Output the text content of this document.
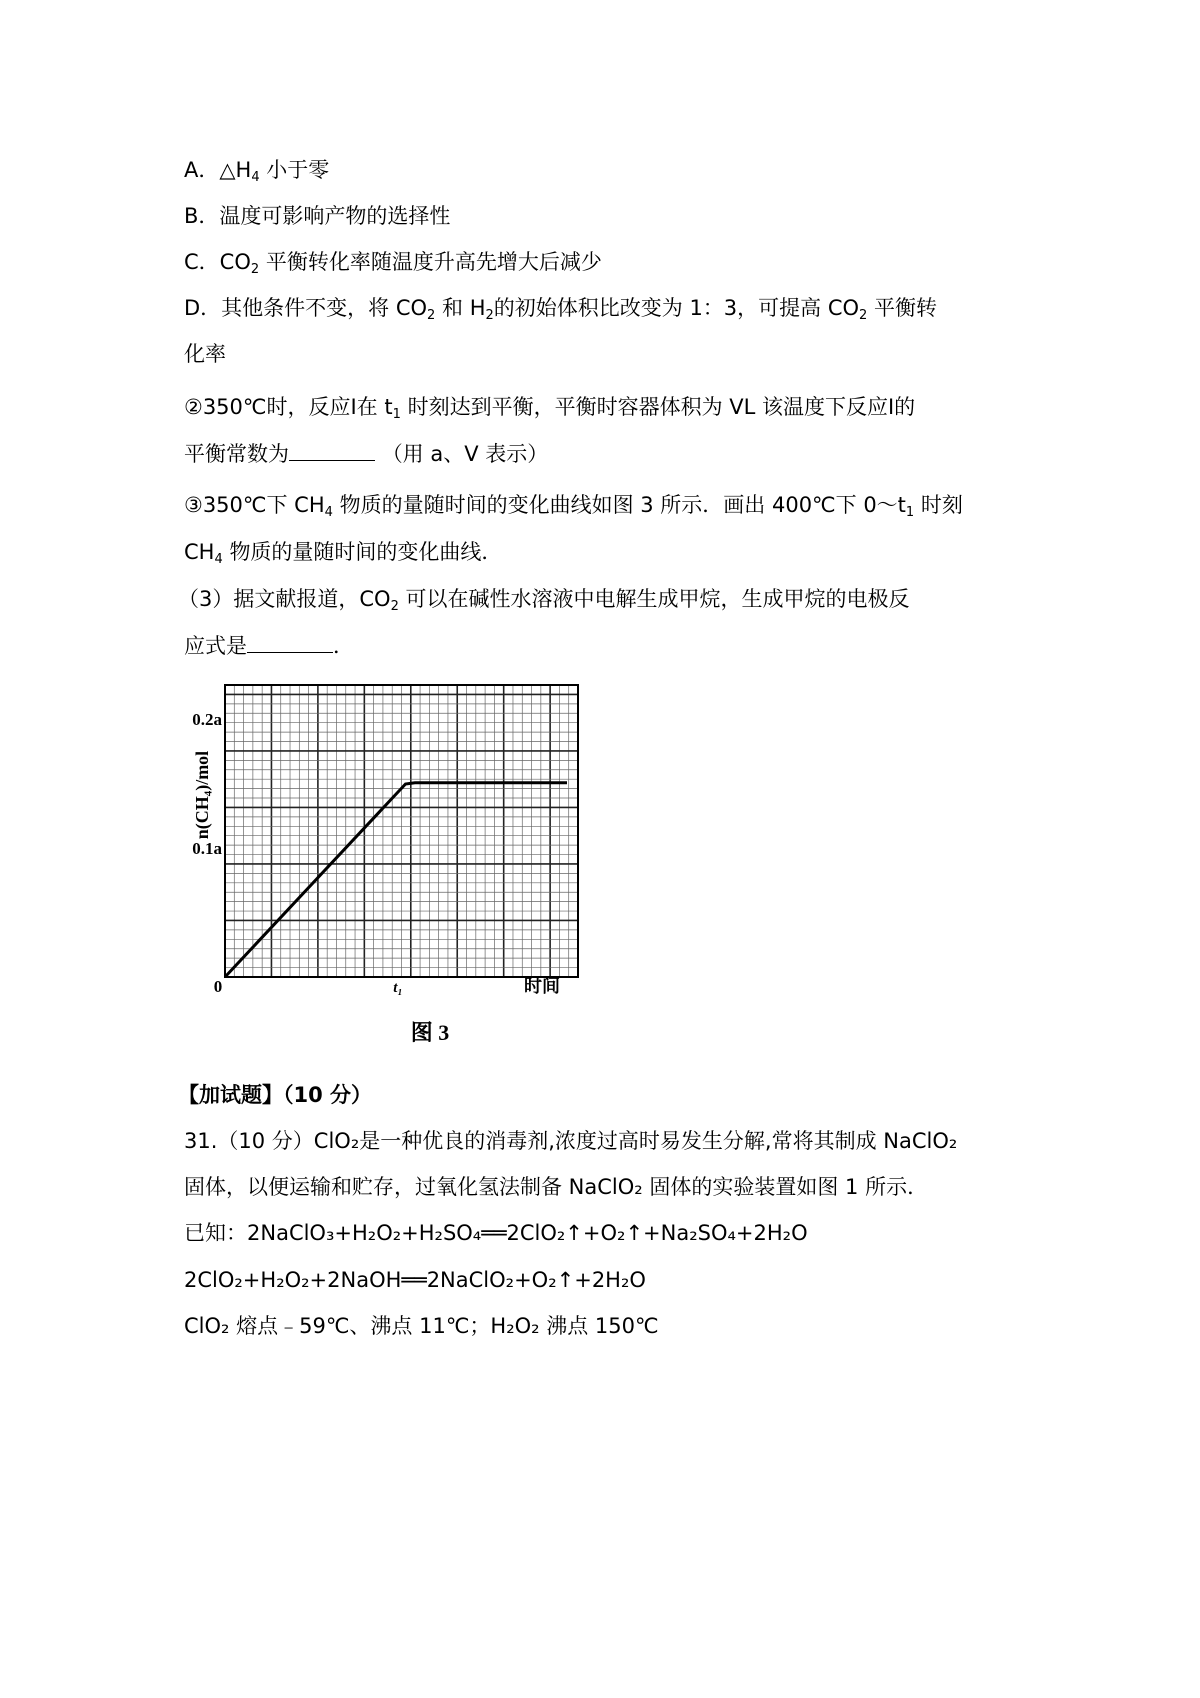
A．$\triangle H_4$ 小于零
B．温度可影响产物的选择性
C．$CO_2$ 平衡转化率随温度升高先增大后减少
D．其他条件不变，将 $CO_2$ 和 $H_2$的初始体积比改变为 1：3，可提高 $CO_2$ 平衡转
化率
②350℃时，反应Ⅰ在 $t_1$ 时刻达到平衡，平衡时容器体积为 VL 该温度下反应Ⅰ的
平衡常数为	（用 a、V 表示）
③350℃下 $CH_4$ 物质的量随时间的变化曲线如图 3 所示．画出 400℃下 $0\sim t_1$ 时刻
$CH_4$ 物质的量随时间的变化曲线．
（3）据文献报道，$CO_2$ 可以在碱性水溶液中电解生成甲烷，生成甲烷的电极反
应式是	．
n(CH₄)/mol
0.2a
0.1a
0	t₁	时间
图 3
【加试题】（10 分）
31.（10 分）ClO₂是一种优良的消毒剂,浓度过高时易发生分解,常将其制成 NaClO₂
固体，以便运输和贮存，过氧化氢法制备 NaClO₂ 固体的实验装置如图 1 所示．
已知：2NaClO₃+H₂O₂+H₂SO₄══2ClO₂↑+O₂↑+Na₂SO₄+2H₂O
2ClO₂+H₂O₂+2NaOH══2NaClO₂+O₂↑+2H₂O
ClO₂ 熔点﹣59℃、沸点 11℃；H₂O₂ 沸点 150℃
